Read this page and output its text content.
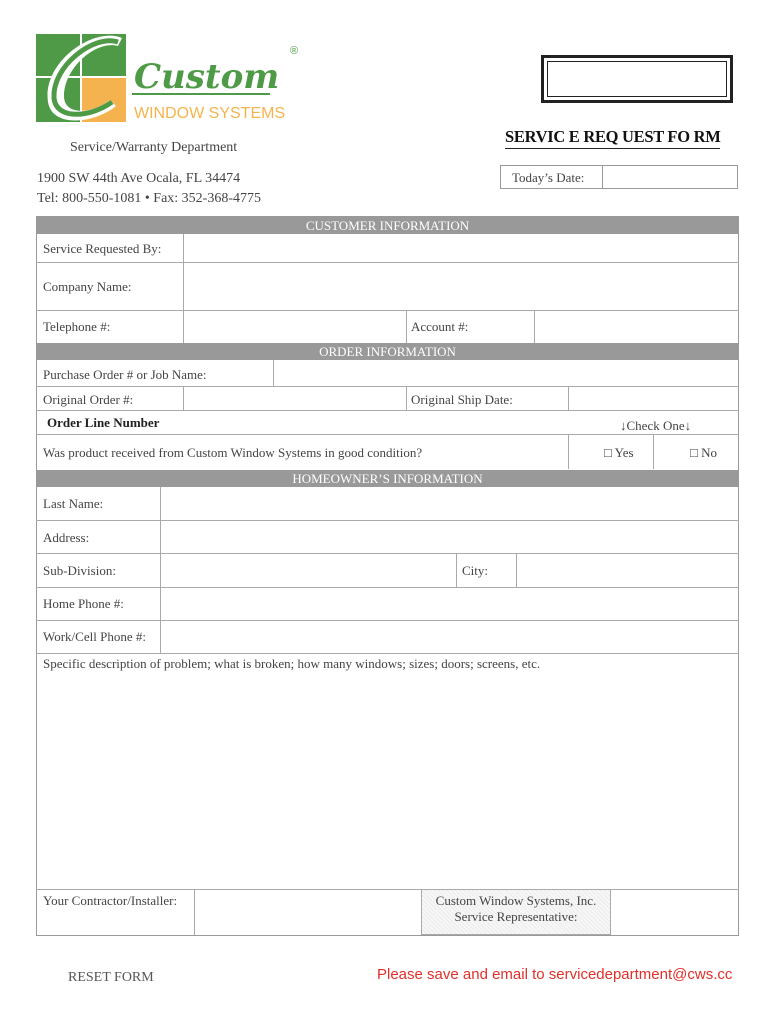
Custom
®
WINDOW SYSTEMS
Service/Warranty Department
1900 SW 44th Ave Ocala, FL 34474
Tel: 800-550-1081 • Fax: 352-368-4775
SERVIC E REQ UEST FO RM
Today’s Date:
CUSTOMER INFORMATION
Service Requested By:
Company Name:
Telephone #:	Account #:
ORDER INFORMATION
Purchase Order # or Job Name:
Original Order #:	Original Ship Date:
Order Line Number	↓Check One↓
Was product received from Custom Window Systems in good condition?	□ Yes	□ No
HOMEOWNER’S INFORMATION
Last Name:
Address:
Sub-Division:	City:
Home Phone #:
Work/Cell Phone #:
Specific description of problem; what is broken; how many windows; sizes; doors; screens, etc.
Your Contractor/Installer:	Custom Window Systems, Inc.
Service Representative:
RESET FORM	Please save and email to servicedepartment@cws.cc
